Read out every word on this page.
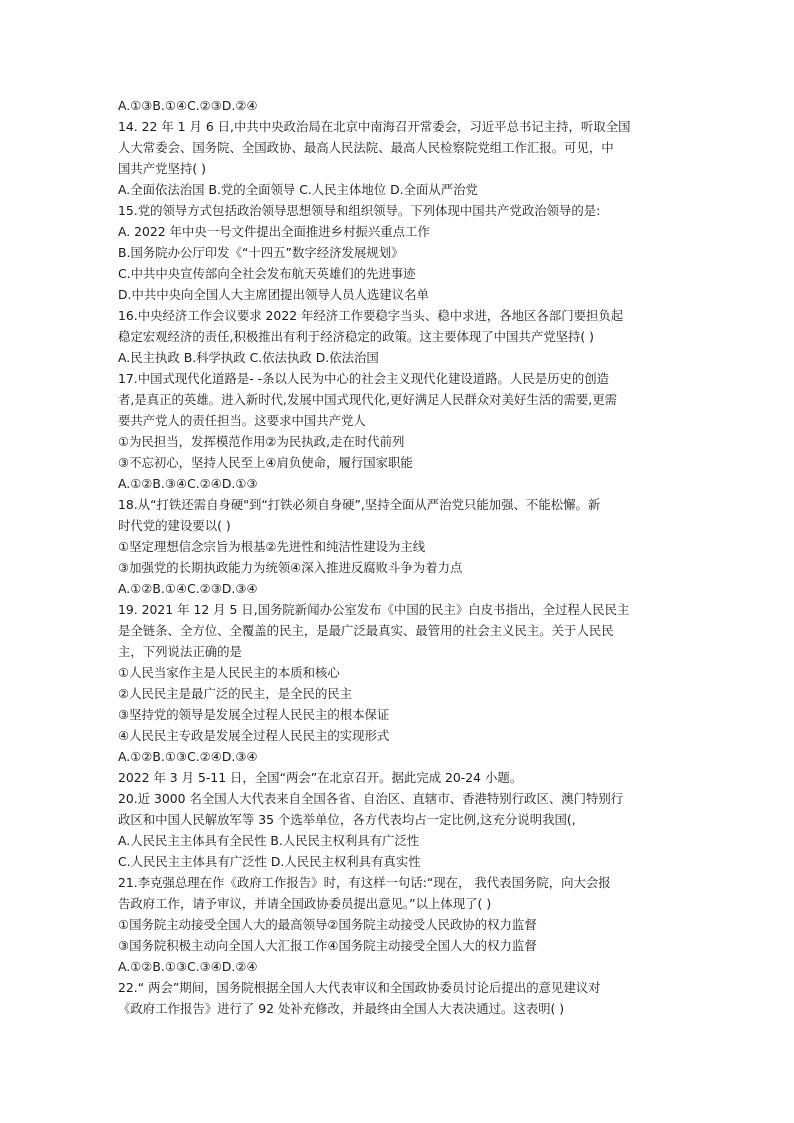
A.①③B.①④C.②③D.②④
14. 22 年 1 月 6 日,中共中央政治局在北京中南海召开常委会，习近平总书记主持，听取全国
人大常委会、国务院、全国政协、最高人民法院、最高人民检察院党组工作汇报。可见，中
国共产党坚持( )
A.全面依法治国 B.党的全面领导 C.人民主体地位 D.全面从严治党
15.党的领导方式包括政治领导思想领导和组织领导。下列体现中国共产党政治领导的是:
A. 2022 年中央一号文件提出全面推进乡村振兴重点工作
B.国务院办公厅印发《“十四五”数字经济发展规划》
C.中共中央宣传部向全社会发布航天英雄们的先进事迹
D.中共中央向全国人大主席团提出领导人员人选建议名单
16.中央经济工作会议要求 2022 年经济工作要稳字当头、稳中求进，各地区各部门要担负起
稳定宏观经济的责任,积极推出有利于经济稳定的政策。这主要体现了中国共产党坚持( )
A.民主执政 B.科学执政 C.依法执政 D.依法治国
17.中国式现代化道路是- -条以人民为中心的社会主义现代化建设道路。人民是历史的创造
者,是真正的英雄。进入新时代,发展中国式现代化,更好满足人民群众对美好生活的需要,更需
要共产党人的责任担当。这要求中国共产党人
①为民担当，发挥模范作用②为民执政,走在时代前列
③不忘初心，坚持人民至上④肩负使命，履行国家职能
A.①②B.③④C.②④D.①③
18.从“打铁还需自身硬"到“打铁必须自身硬”,坚持全面从严治党只能加强、不能松懈。新
时代党的建设要以( )
①坚定理想信念宗旨为根基②先进性和纯洁性建设为主线
③加强党的长期执政能力为统领④深入推进反腐败斗争为着力点
A.①②B.①④C.②③D.③④
19. 2021 年 12 月 5 日,国务院新闻办公室发布《中国的民主》白皮书指出，全过程人民民主
是全链条、全方位、全覆盖的民主，是最广泛最真实、最管用的社会主义民主。关于人民民
主，下列说法正确的是
①人民当家作主是人民民主的本质和核心
②人民民主是最广泛的民主，是全民的民主
③坚持党的领导是发展全过程人民民主的根本保证
④人民民主专政是发展全过程人民民主的实现形式
A.①②B.①③C.②④D.③④
2022 年 3 月 5-11 日，全国“两会”在北京召开。据此完成 20-24 小题。
20.近 3000 名全国人大代表来自全国各省、自治区、直辖市、香港特别行政区、澳门特别行
政区和中国人民解放军等 35 个选举单位，各方代表均占一定比例,这充分说明我国(,
A.人民民主主体具有全民性 B.人民民主权利具有广泛性
C.人民民主主体具有广泛性 D.人民民主权利具有真实性
21.李克强总理在作《政府工作报告》时，有这样一句话:“现在， 我代表国务院，向大会报
告政府工作，请予审议，并请全国政协委员提出意见。”以上体现了( )
①国务院主动接受全国人大的最高领导②国务院主动接受人民政协的权力监督
③国务院积极主动向全国人大汇报工作④国务院主动接受全国人大的权力监督
A.①②B.①③C.③④D.②④
22.“ 两会”期间，国务院根据全国人大代表审议和全国政协委员讨论后提出的意见建议对
《政府工作报告》进行了 92 处补充修改，并最终由全国人大表决通过。这表明( )
